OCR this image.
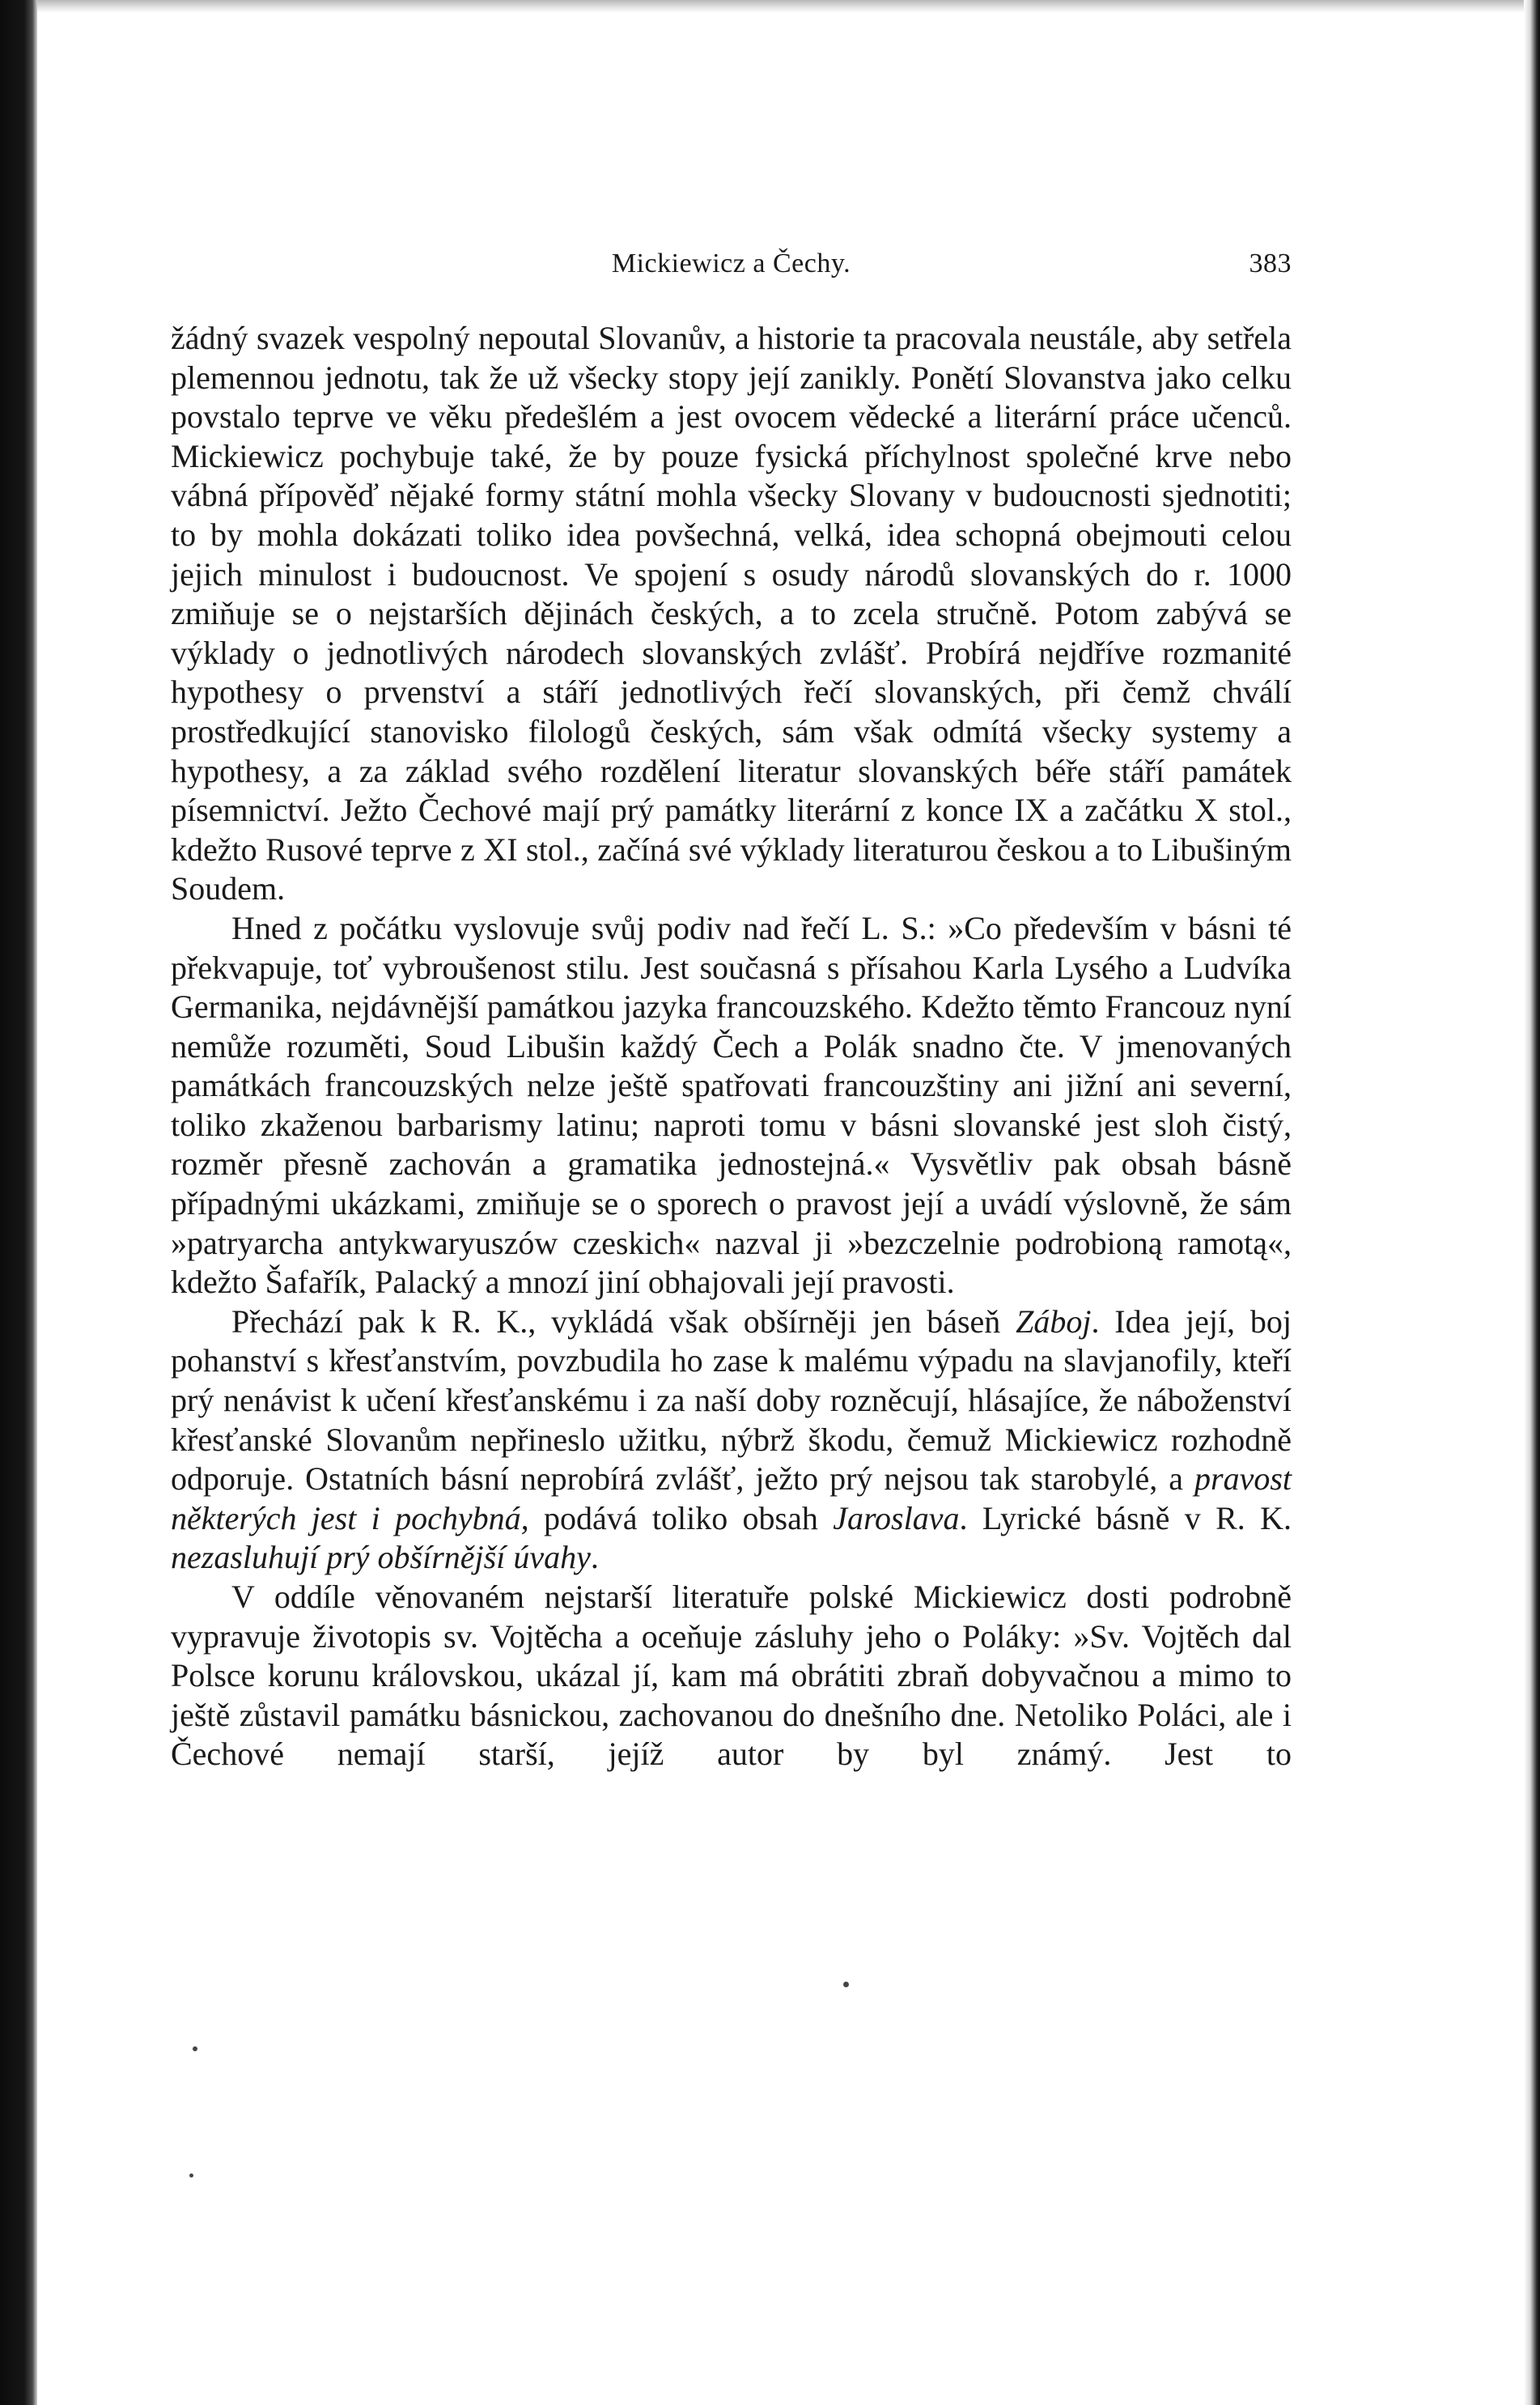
Mickiewicz a Čechy.	383

žádný svazek vespolný nepoutal Slovanův, a historie ta pracovala neustále, aby setřela plemennou jednotu, tak že už všecky stopy její zanikly. Ponětí Slovanstva jako celku povstalo teprve ve věku předešlém a jest ovocem vědecké a literární práce učenců. Mickiewicz pochybuje také, že by pouze fysická příchylnost společné krve nebo vábná přípověď nějaké formy státní mohla všecky Slovany v budoucnosti sjednotiti; to by mohla dokázati toliko idea povšechná, velká, idea schopná obejmouti celou jejich minulost i budoucnost. Ve spojení s osudy národů slovanských do r. 1000 zmiňuje se o nejstarších dějinách českých, a to zcela stručně. Potom zabývá se výklady o jednotlivých národech slovanských zvlášť. Probírá nejdříve rozmanité hypothesy o prvenství a stáří jednotlivých řečí slovanských, při čemž chválí prostředkující stanovisko filologů českých, sám však odmítá všecky systemy a hypothesy, a za základ svého rozdělení literatur slovanských béře stáří památek písemnictví. Ježto Čechové mají prý památky literární z konce IX a začátku X stol., kdežto Rusové teprve z XI stol., začíná své výklady literaturou českou a to Libušiným Soudem.

Hned z počátku vyslovuje svůj podiv nad řečí L. S.: »Co především v básni té překvapuje, toť vybroušenost stilu. Jest současná s přísahou Karla Lysého a Ludvíka Germanika, nejdávnější památkou jazyka francouzského. Kdežto těmto Francouz nyní nemůže rozuměti, Soud Libušin každý Čech a Polák snadno čte. V jmenovaných památkách francouzských nelze ještě spatřovati francouzštiny ani jižní ani severní, toliko zkaženou barbarismy latinu; naproti tomu v básni slovanské jest sloh čistý, rozměr přesně zachován a gramatika jednostejná.« Vysvětliv pak obsah básně případnými ukázkami, zmiňuje se o sporech o pravost její a uvádí výslovně, že sám »patryarcha antykwaryuszów czeskich« nazval ji »bezczelnie podrobioną ramotą«, kdežto Šafařík, Palacký a mnozí jiní obhajovali její pravosti.

Přechází pak k R. K., vykládá však obšírněji jen báseň Záboj. Idea její, boj pohanství s křesťanstvím, povzbudila ho zase k malému výpadu na slavjanofily, kteří prý nenávist k učení křesťanskému i za naší doby rozněcují, hlásajíce, že náboženství křesťanské Slovanům nepřineslo užitku, nýbrž škodu, čemuž Mickiewicz rozhodně odporuje. Ostatních básní neprobírá zvlášť, ježto prý nejsou tak starobylé, a pravost některých jest i pochybná, podává toliko obsah Jaroslava. Lyrické básně v R. K. nezasluhují prý obšírnější úvahy.

V oddíle věnovaném nejstarší literatuře polské Mickiewicz dosti podrobně vypravuje životopis sv. Vojtěcha a oceňuje zásluhy jeho o Poláky: »Sv. Vojtěch dal Polsce korunu královskou, ukázal jí, kam má obrátiti zbraň dobyvačnou a mimo to ještě zůstavil památku básnickou, zachovanou do dnešního dne. Netoliko Poláci, ale i Čechové nemají starší, jejíž autor by byl známý. Jest to
